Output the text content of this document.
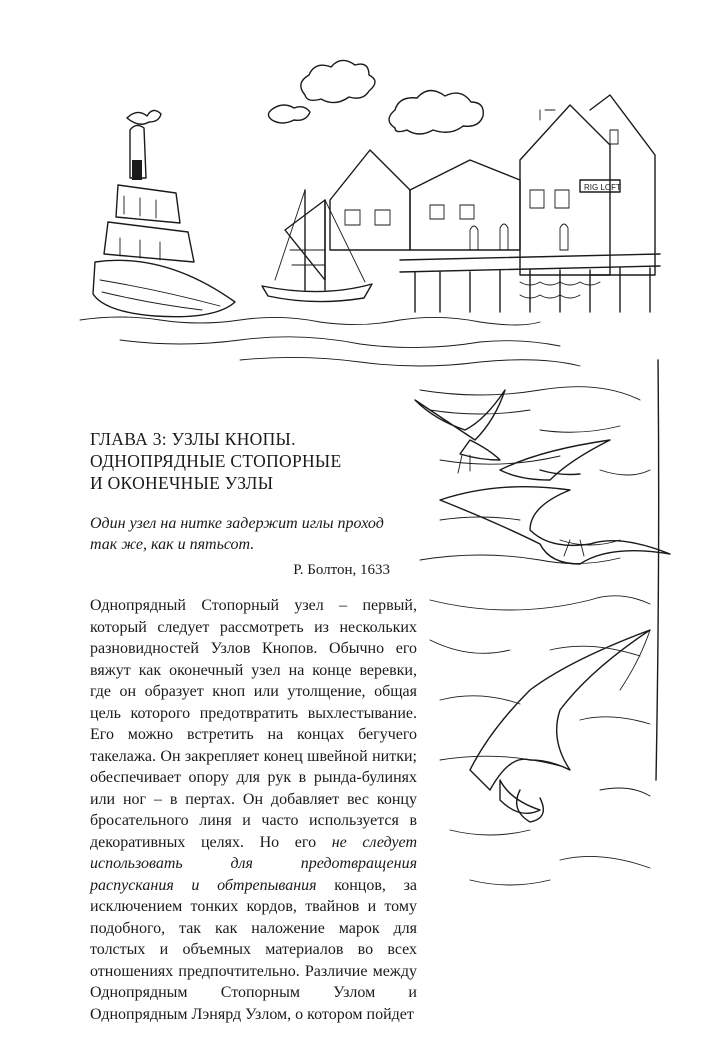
RIG LOFT
ГЛАВА 3: УЗЛЫ КНОПЫ.
ОДНОПРЯДНЫЕ СТОПОРНЫЕ
И ОКОНЕЧНЫЕ УЗЛЫ

Один узел на нитке задержит иглы проход так же, как и пятьсот.

Р. Болтон, 1633

Однопрядный Стопорный узел – первый, который следует рассмотреть из нескольких разновидностей Узлов Кнопов. Обычно его вяжут как оконечный узел на конце веревки, где он образует кноп или утолщение, общая цель которого предотвратить выхлестывание. Его можно встретить на концах бегучего такелажа. Он закрепляет конец швейной нитки; обеспечивает опору для рук в рында-булинях или ног – в пертах. Он добавляет вес концу бросательного линя и часто используется в декоративных целях. Но его не следует использовать для предотвращения распускания и обтрепывания концов, за исключением тонких кордов, твайнов и тому подобного, так как наложение марок для толстых и объемных материалов во всех отношениях предпочтительно. Различие между Однопрядным Стопорным Узлом и Однопрядным Лэнярд Узлом, о котором пойдет
